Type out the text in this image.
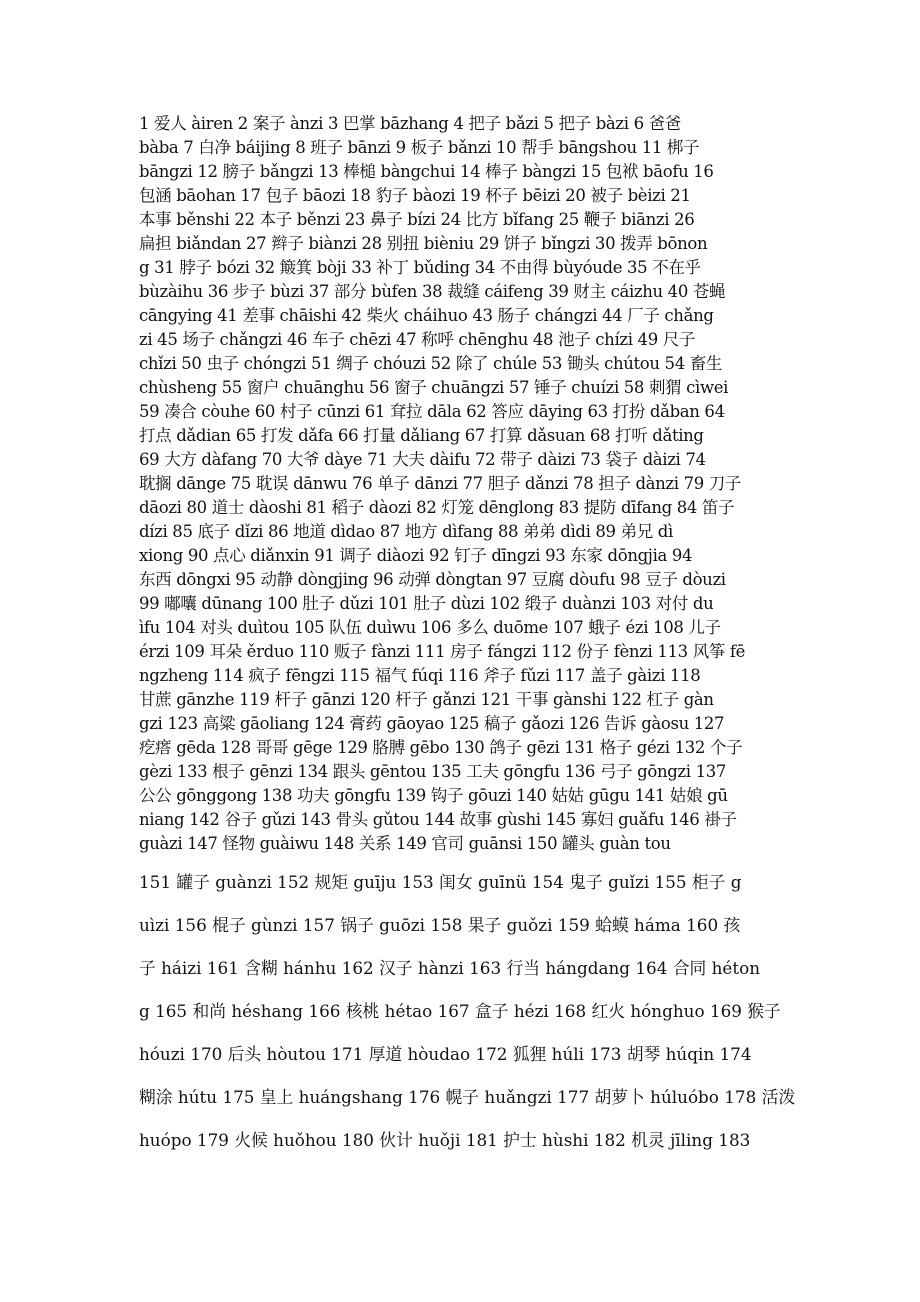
1 爱人 àiren 2 案子 ànzi 3 巴掌 bāzhang 4 把子 bǎzi 5 把子 bàzi 6 爸爸
bàba 7 白净 báijing 8 班子 bānzi 9 板子 bǎnzi 10 帮手 bāngshou 11 梆子
bāngzi 12 膀子 bǎngzi 13 棒槌 bàngchui 14 棒子 bàngzi 15 包袱 bāofu 16
包涵 bāohan 17 包子 bāozi 18 豹子 bàozi 19 杯子 bēizi 20 被子 bèizi 21
本事 běnshi 22 本子 běnzi 23 鼻子 bízi 24 比方 bǐfang 25 鞭子 biānzi 26
扁担 biǎndan 27 辫子 biànzi 28 别扭 bièniu 29 饼子 bǐngzi 30 拨弄 bōnon
g 31 脖子 bózi 32 簸箕 bòji 33 补丁 bǔding 34 不由得 bùyóude 35 不在乎
bùzàihu 36 步子 bùzi 37 部分 bùfen 38 裁缝 cáifeng 39 财主 cáizhu 40 苍蝇
cāngying 41 差事 chāishi 42 柴火 cháihuo 43 肠子 chángzi 44 厂子 chǎng
zi 45 场子 chǎngzi 46 车子 chēzi 47 称呼 chēnghu 48 池子 chízi 49 尺子
chǐzi 50 虫子 chóngzi 51 绸子 chóuzi 52 除了 chúle 53 锄头 chútou 54 畜生
chùsheng 55 窗户 chuānghu 56 窗子 chuāngzi 57 锤子 chuízi 58 刺猬 cìwei
59 凑合 còuhe 60 村子 cūnzi 61 耷拉 dāla 62 答应 dāying 63 打扮 dǎban 64
打点 dǎdian 65 打发 dǎfa 66 打量 dǎliang 67 打算 dǎsuan 68 打听 dǎting
69 大方 dàfang 70 大爷 dàye 71 大夫 dàifu 72 带子 dàizi 73 袋子 dàizi 74
耽搁 dānge 75 耽误 dānwu 76 单子 dānzi 77 胆子 dǎnzi 78 担子 dànzi 79 刀子
dāozi 80 道士 dàoshi 81 稻子 dàozi 82 灯笼 dēnglong 83 提防 dīfang 84 笛子
dízi 85 底子 dǐzi 86 地道 dìdao 87 地方 dìfang 88 弟弟 dìdi 89 弟兄 dì
xiong 90 点心 diǎnxin 91 调子 diàozi 92 钉子 dīngzi 93 东家 dōngjia 94
东西 dōngxi 95 动静 dòngjing 96 动弹 dòngtan 97 豆腐 dòufu 98 豆子 dòuzi
99 嘟囔 dūnang 100 肚子 dǔzi 101 肚子 dùzi 102 缎子 duànzi 103 对付 du
ìfu 104 对头 duìtou 105 队伍 duìwu 106 多么 duōme 107 蛾子 ézi 108 儿子
érzi 109 耳朵 ěrduo 110 贩子 fànzi 111 房子 fángzi 112 份子 fènzi 113 风筝 fē
ngzheng 114 疯子 fēngzi 115 福气 fúqi 116 斧子 fǔzi 117 盖子 gàizi 118
甘蔗 gānzhe 119 杆子 gānzi 120 杆子 gǎnzi 121 干事 gànshi 122 杠子 gàn
gzi 123 高粱 gāoliang 124 膏药 gāoyao 125 稿子 gǎozi 126 告诉 gàosu 127
疙瘩 gēda 128 哥哥 gēge 129 胳膊 gēbo 130 鸽子 gēzi 131 格子 gézi 132 个子
gèzi 133 根子 gēnzi 134 跟头 gēntou 135 工夫 gōngfu 136 弓子 gōngzi 137
公公 gōnggong 138 功夫 gōngfu 139 钩子 gōuzi 140 姑姑 gūgu 141 姑娘 gū
niang 142 谷子 gǔzi 143 骨头 gǔtou 144 故事 gùshi 145 寡妇 guǎfu 146 褂子
guàzi 147 怪物 guàiwu 148 关系 149 官司 guānsi 150 罐头 guàn tou
151 罐子 guànzi 152 规矩 guīju 153 闺女 guīnü 154 鬼子 guǐzi 155 柜子 g
uìzi 156 棍子 gùnzi 157 锅子 guōzi 158 果子 guǒzi 159 蛤蟆 háma 160 孩
子 háizi 161 含糊 hánhu 162 汉子 hànzi 163 行当 hángdang 164 合同 héton
g 165 和尚 héshang 166 核桃 hétao 167 盒子 hézi 168 红火 hónghuo 169 猴子
hóuzi 170 后头 hòutou 171 厚道 hòudao 172 狐狸 húli 173 胡琴 húqin 174
糊涂 hútu 175 皇上 huángshang 176 幌子 huǎngzi 177 胡萝卜 húluóbo 178 活泼
huópo 179 火候 huǒhou 180 伙计 huǒji 181 护士 hùshi 182 机灵 jīling 183
